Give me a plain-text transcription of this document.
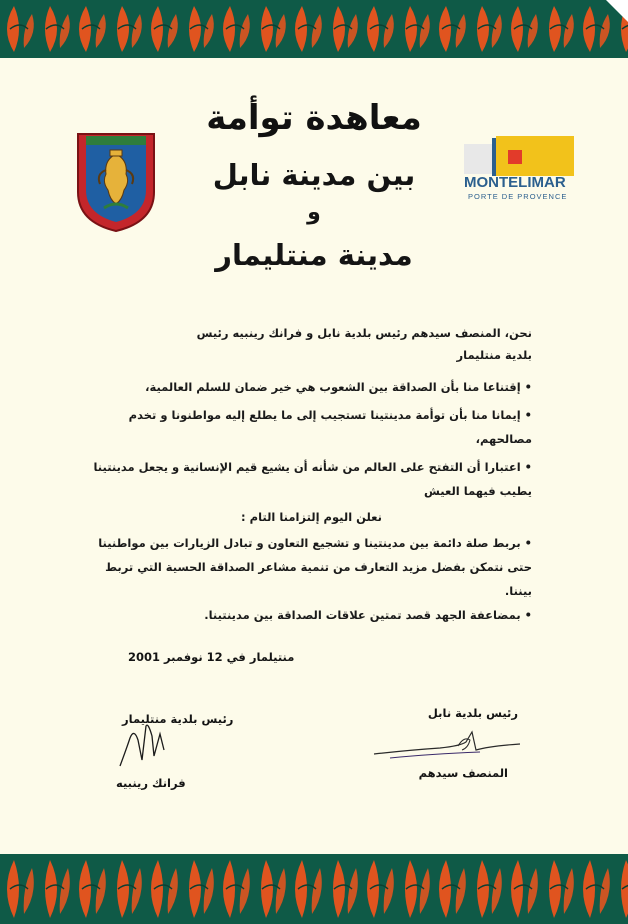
MONTELIMAR
PORTE DE PROVENCE
معاهدة توأمة
بين مدينة نابل
و
مدينة منتليمار
نحن، المنصف سيدهم رئيس بلدية نابل و فرانك رينبيه رئيس
بلدية منتليمار
• إقتناعا منا بأن الصداقة بين الشعوب هي خير ضمان للسلم العالمية،
• إيمانا منا بأن توأمة مدينتينا تستجيب إلى ما يطلع إليه مواطنونا و تخدم
مصالحهم،
• اعتبارا أن التفتح على العالم من شأنه أن يشيع قيم الإنسانية و يجعل مدينتينا
يطيب فيهما العيش
نعلن اليوم إلتزامنا التام :
• بربط صلة دائمة بين مدينتينا و تشجيع التعاون و تبادل الزيارات بين مواطنينا
حتى نتمكن بفضل مزيد التعارف من تنمية مشاعر الصداقة الحسية التي تربط
بيننا.
• بمضاعفة الجهد قصد تمتين علاقات الصداقة بين مدينتينا.
منتيلمار في 12 نوفمبر 2001
رئيس بلدية نابل
رئيس بلدية منتليمار
المنصف سيدهم
فرانك رينبيه
